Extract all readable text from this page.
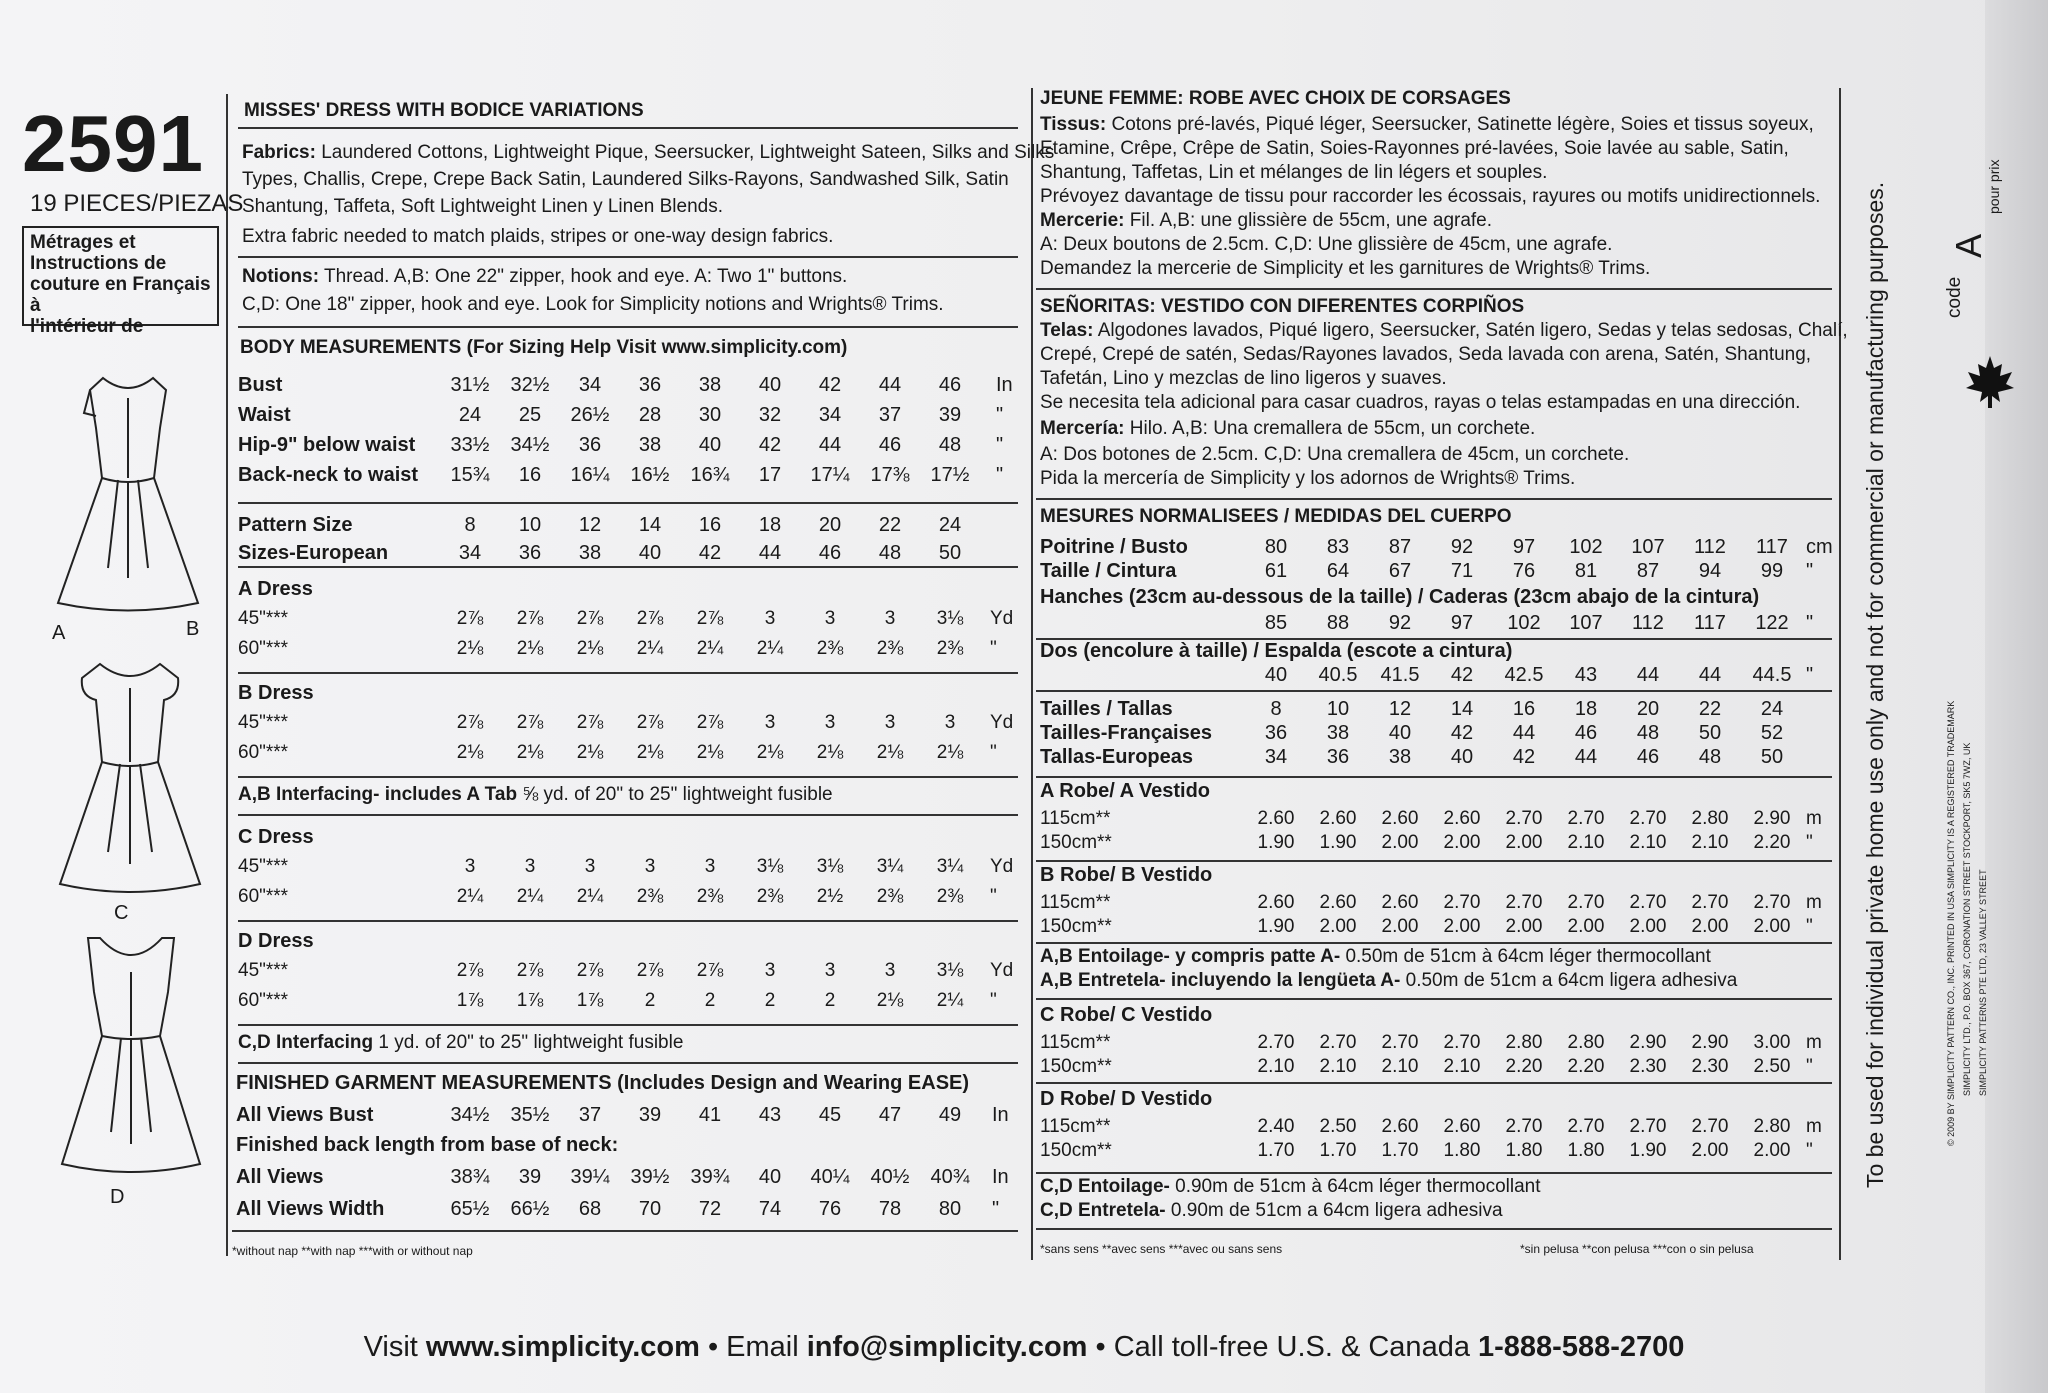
2591
19 PIECES/PIEZAS
Métrages et
Instructions de
couture en Français à
l'intérieur de
A	B
C
D
MISSES' DRESS WITH BODICE VARIATIONS
Fabrics: Laundered Cottons, Lightweight Pique, Seersucker, Lightweight Sateen, Silks and Silks
Types, Challis, Crepe, Crepe Back Satin, Laundered Silks-Rayons, Sandwashed Silk, Satin
Shantung, Taffeta, Soft Lightweight Linen y Linen Blends.
Extra fabric needed to match plaids, stripes or one-way design fabrics.
Notions: Thread. A,B: One 22" zipper, hook and eye. A: Two 1" buttons.
C,D: One 18" zipper, hook and eye. Look for Simplicity notions and Wrights® Trims.
BODY MEASUREMENTS (For Sizing Help Visit www.simplicity.com)
Bust	31½	32½	34	36	38	40	42	44	46	In
Waist	24	25	26½	28	30	32	34	37	39	"
Hip-9" below waist	33½	34½	36	38	40	42	44	46	48	"
Back-neck to waist	15¾	16	16¼	16½	16¾	17	17¼	17⅜	17½	"
Pattern Size	8	10	12	14	16	18	20	22	24
Sizes-European	34	36	38	40	42	44	46	48	50
A Dress
45"***	2⅞	2⅞	2⅞	2⅞	2⅞	3	3	3	3⅛	Yd
60"***	2⅛	2⅛	2⅛	2¼	2¼	2¼	2⅜	2⅜	2⅜	"
B Dress
45"***	2⅞	2⅞	2⅞	2⅞	2⅞	3	3	3	3	Yd
60"***	2⅛	2⅛	2⅛	2⅛	2⅛	2⅛	2⅛	2⅛	2⅛	"
A,B Interfacing- includes A Tab ⅝ yd. of 20" to 25" lightweight fusible
C Dress
45"***	3	3	3	3	3	3⅛	3⅛	3¼	3¼	Yd
60"***	2¼	2¼	2¼	2⅜	2⅜	2⅜	2½	2⅜	2⅜	"
D Dress
45"***	2⅞	2⅞	2⅞	2⅞	2⅞	3	3	3	3⅛	Yd
60"***	1⅞	1⅞	1⅞	2	2	2	2	2⅛	2¼	"
C,D Interfacing 1 yd. of 20" to 25" lightweight fusible
FINISHED GARMENT MEASUREMENTS (Includes Design and Wearing EASE)
All Views Bust	34½	35½	37	39	41	43	45	47	49	In
Finished back length from base of neck:
All Views	38¾	39	39¼	39½	39¾	40	40¼	40½	40¾	In
All Views Width	65½	66½	68	70	72	74	76	78	80	"
*without nap **with nap ***with or without nap
JEUNE FEMME: ROBE AVEC CHOIX DE CORSAGES
Tissus: Cotons pré-lavés, Piqué léger, Seersucker, Satinette légère, Soies et tissus soyeux,
Etamine, Crêpe, Crêpe de Satin, Soies-Rayonnes pré-lavées, Soie lavée au sable, Satin,
Shantung, Taffetas, Lin et mélanges de lin légers et souples.
Prévoyez davantage de tissu pour raccorder les écossais, rayures ou motifs unidirectionnels.
Mercerie: Fil. A,B: une glissière de 55cm, une agrafe.
A: Deux boutons de 2.5cm. C,D: Une glissière de 45cm, une agrafe.
Demandez la mercerie de Simplicity et les garnitures de Wrights® Trims.
SEÑORITAS: VESTIDO CON DIFERENTES CORPIÑOS
Telas: Algodones lavados, Piqué ligero, Seersucker, Satén ligero, Sedas y telas sedosas, Chalí,
Crepé, Crepé de satén, Sedas/Rayones lavados, Seda lavada con arena, Satén, Shantung,
Tafetán, Lino y mezclas de lino ligeros y suaves.
Se necesita tela adicional para casar cuadros, rayas o telas estampadas en una dirección.
Mercería: Hilo. A,B: Una cremallera de 55cm, un corchete.
A: Dos botones de 2.5cm. C,D: Una cremallera de 45cm, un corchete.
Pida la mercería de Simplicity y los adornos de Wrights® Trims.
MESURES NORMALISEES / MEDIDAS DEL CUERPO
Poitrine / Busto	80	83	87	92	97	102	107	112	117 cm
Taille / Cintura	61	64	67	71	76	81	87	94	99	"
Hanches (23cm au-dessous de la taille) / Caderas (23cm abajo de la cintura)
85	88	92	97	102	107	112	117	122 "
Dos (encolure à taille) / Espalda (escote a cintura)
40	40.5	41.5	42	42.5	43	44	44	44.5 "
Tailles / Tallas	8	10	12	14	16	18	20	22	24
Tailles-Françaises	36	38	40	42	44	46	48	50	52
Tallas-Europeas	34	36	38	40	42	44	46	48	50
A Robe/ A Vestido
115cm**	2.60	2.60	2.60	2.60	2.70	2.70	2.70	2.80	2.90 m
150cm**	1.90	1.90	2.00	2.00	2.00	2.10	2.10	2.10	2.20 "
B Robe/ B Vestido
115cm**	2.60	2.60	2.60	2.70	2.70	2.70	2.70	2.70	2.70 m
150cm**	1.90	2.00	2.00	2.00	2.00	2.00	2.00	2.00	2.00 "
A,B Entoilage- y compris patte A- 0.50m de 51cm à 64cm léger thermocollant
A,B Entretela- incluyendo la lengüeta A- 0.50m de 51cm a 64cm ligera adhesiva
C Robe/ C Vestido
115cm**	2.70	2.70	2.70	2.70	2.80	2.80	2.90	2.90	3.00 m
150cm**	2.10	2.10	2.10	2.10	2.20	2.20	2.30	2.30	2.50 "
D Robe/ D Vestido
115cm**	2.40	2.50	2.60	2.60	2.70	2.70	2.70	2.70	2.80 m
150cm**	1.70	1.70	1.70	1.80	1.80	1.80	1.90	2.00	2.00 "
C,D Entoilage- 0.90m de 51cm à 64cm léger thermocollant
C,D Entretela- 0.90m de 51cm a 64cm ligera adhesiva
*sans sens **avec sens ***avec ou sans sens	*sin pelusa **con pelusa ***con o sin pelusa
To be used for individual private home use only and not for commercial or manufacturing purposes.	SIMPLICITY PATTERNS PTE LTD, 23 VALLEY STREET
SIMPLICITY LTD., P.O. BOX 367, CORONATION STREET STOCKPORT, SK5 7WZ, UK
© 2009 BY SIMPLICITY PATTERN CO., INC. PRINTED IN USA SIMPLICITY IS A REGISTERED TRADEMARK
code
A
pour prix
Visit www.simplicity.com • Email info@simplicity.com • Call toll-free U.S. & Canada 1-888-588-2700
